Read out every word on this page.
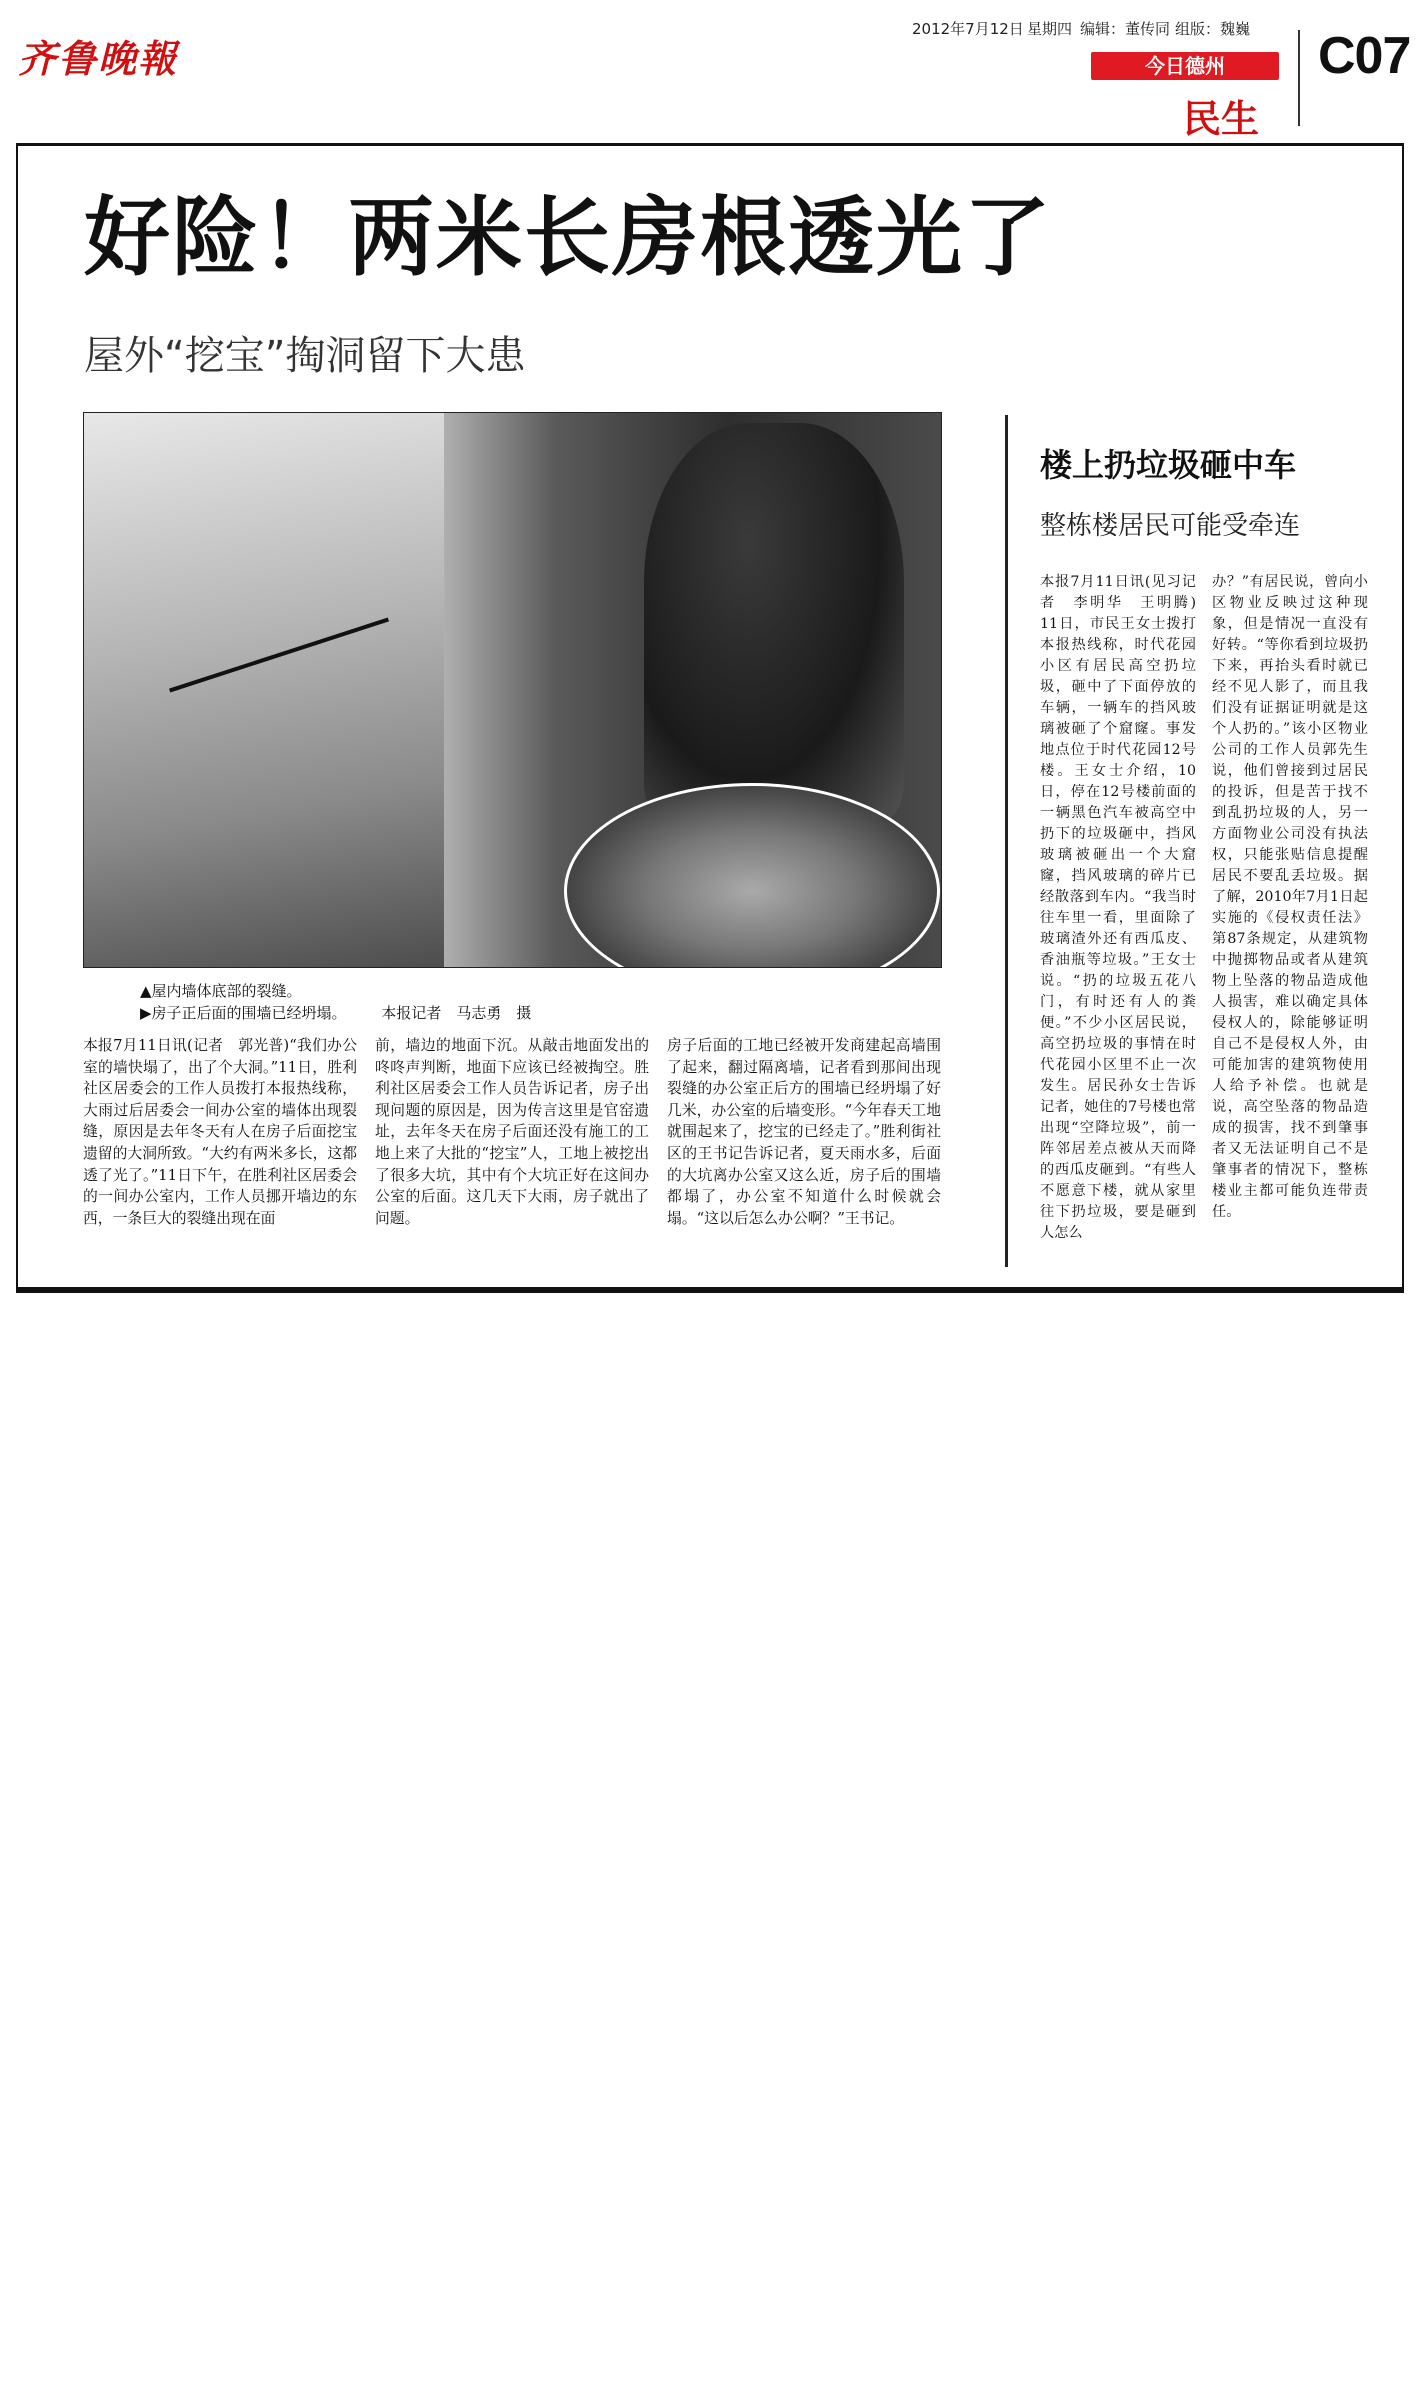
齐鲁晚報
2012年7月12日 星期四 编辑：董传同 组版：魏巍
今日德州
民生
C07
好险！两米长房根透光了
屋外“挖宝”掏洞留下大患
▲屋内墙体底部的裂缝。
▶房子正后面的围墙已经坍塌。 本报记者　马志勇　摄
本报7月11日讯(记者　郭光普)“我们办公室的墙快塌了，出了个大洞。”11日，胜利社区居委会的工作人员拨打本报热线称，大雨过后居委会一间办公室的墙体出现裂缝，原因是去年冬天有人在房子后面挖宝遗留的大洞所致。“大约有两米多长，这都透了光了。”11日下午，在胜利社区居委会的一间办公室内，工作人员挪开墙边的东西，一条巨大的裂缝出现在面
前，墙边的地面下沉。从敲击地面发出的咚咚声判断，地面下应该已经被掏空。胜利社区居委会工作人员告诉记者，房子出现问题的原因是，因为传言这里是官窑遗址，去年冬天在房子后面还没有施工的工地上来了大批的“挖宝”人，工地上被挖出了很多大坑，其中有个大坑正好在这间办公室的后面。这几天下大雨，房子就出了问题。
房子后面的工地已经被开发商建起高墙围了起来，翻过隔离墙，记者看到那间出现裂缝的办公室正后方的围墙已经坍塌了好几米，办公室的后墙变形。“今年春天工地就围起来了，挖宝的已经走了。”胜利街社区的王书记告诉记者，夏天雨水多，后面的大坑离办公室又这么近，房子后的围墙都塌了，办公室不知道什么时候就会塌。“这以后怎么办公啊？”王书记。
楼上扔垃圾砸中车
整栋楼居民可能受牵连
本报7月11日讯(见习记者　李明华　王明腾)　11日，市民王女士拨打本报热线称，时代花园小区有居民高空扔垃圾，砸中了下面停放的车辆，一辆车的挡风玻璃被砸了个窟窿。事发地点位于时代花园12号楼。王女士介绍，10日，停在12号楼前面的一辆黑色汽车被高空中扔下的垃圾砸中，挡风玻璃被砸出一个大窟窿，挡风玻璃的碎片已经散落到车内。“我当时往车里一看，里面除了玻璃渣外还有西瓜皮、香油瓶等垃圾。”王女士说。“扔的垃圾五花八门，有时还有人的粪便。”不少小区居民说，高空扔垃圾的事情在时代花园小区里不止一次发生。居民孙女士告诉记者，她住的7号楼也常出现“空降垃圾”，前一阵邻居差点被从天而降的西瓜皮砸到。“有些人不愿意下楼，就从家里往下扔垃圾，要是砸到人怎么
办？”有居民说，曾向小区物业反映过这种现象，但是情况一直没有好转。“等你看到垃圾扔下来，再抬头看时就已经不见人影了，而且我们没有证据证明就是这个人扔的。”该小区物业公司的工作人员郭先生说，他们曾接到过居民的投诉，但是苦于找不到乱扔垃圾的人，另一方面物业公司没有执法权，只能张贴信息提醒居民不要乱丢垃圾。据了解，2010年7月1日起实施的《侵权责任法》第87条规定，从建筑物中抛掷物品或者从建筑物上坠落的物品造成他人损害，难以确定具体侵权人的，除能够证明自己不是侵权人外，由可能加害的建筑物使用人给予补偿。也就是说，高空坠落的物品造成的损害，找不到肇事者又无法证明自己不是肇事者的情况下，整栋楼业主都可能负连带责任。
